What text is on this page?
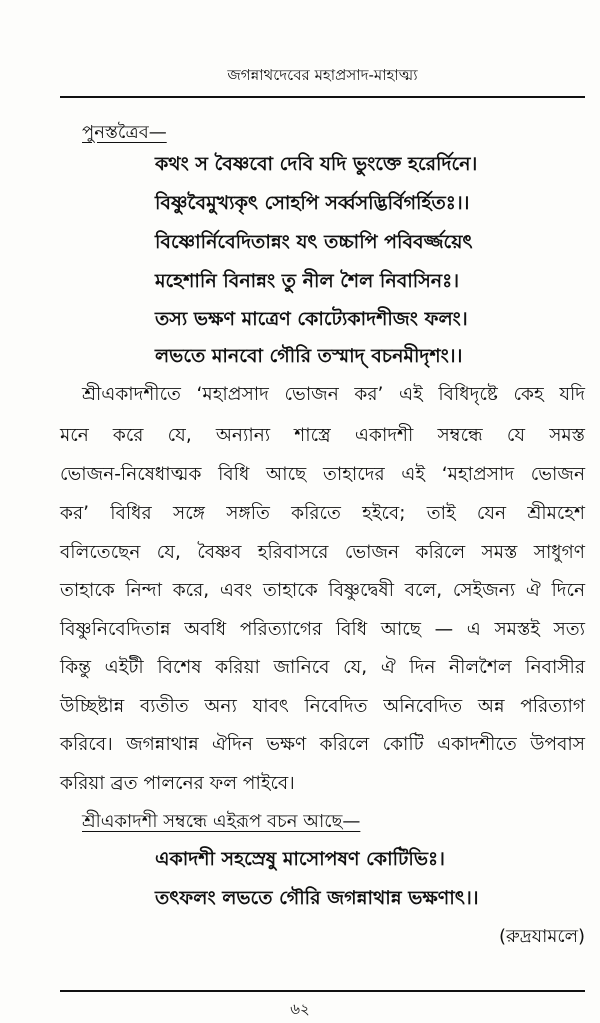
জগন্নাথদেবের মহাপ্রসাদ-মাহাত্ম্য
পুনস্তত্রৈব—
কথং স বৈষ্ণবো দেবি যদি ভুংক্তে হরের্দিনে।
বিষ্ণুবৈমুখ্যকৃৎ সোহপি সর্ব্বসদ্ভির্বিগর্হিতঃ।।
বিষ্ণোর্নিবেদিতান্নং যৎ তচ্চাপি পবিবর্জ্জয়েৎ
মহেশানি বিনান্নং তু নীল শৈল নিবাসিনঃ।
তস্য ভক্ষণ মাত্রেণ কোট্যেকাদশীজং ফলং।
লভতে মানবো গৌরি তস্মাদ্ বচনমীদৃশং।।
শ্রীএকাদশীতে ‘মহাপ্রসাদ ভোজন কর’ এই বিধিদৃষ্টে কেহ যদি
মনে করে যে, অন্যান্য শাস্ত্রে একাদশী সম্বন্ধে যে সমস্ত
ভোজন-নিষেধাত্মক বিধি আছে তাহাদের এই ‘মহাপ্রসাদ ভোজন
কর’ বিধির সঙ্গে সঙ্গতি করিতে হইবে; তাই যেন শ্রীমহেশ
বলিতেছেন যে, বৈষ্ণব হরিবাসরে ভোজন করিলে সমস্ত সাধুগণ
তাহাকে নিন্দা করে, এবং তাহাকে বিষ্ণুদ্বেষী বলে, সেইজন্য ঐ দিনে
বিষ্ণুনিবেদিতান্ন অবধি পরিত্যাগের বিধি আছে — এ সমস্তই সত্য
কিন্তু এইটী বিশেষ করিয়া জানিবে যে, ঐ দিন নীলশৈল নিবাসীর
উচ্ছিষ্টান্ন ব্যতীত অন্য যাবৎ নিবেদিত অনিবেদিত অন্ন পরিত্যাগ
করিবে। জগন্নাথান্ন ঐদিন ভক্ষণ করিলে কোটি একাদশীতে উপবাস
করিয়া ব্রত পালনের ফল পাইবে।
শ্রীএকাদশী সম্বন্ধে এইরূপ বচন আছে—
একাদশী সহস্রেষু মাসোপষণ কোটিভিঃ।
তৎফলং লভতে গৌরি জগন্নাথান্ন ভক্ষণাৎ।।
(রুদ্রযামলে)
৬২
